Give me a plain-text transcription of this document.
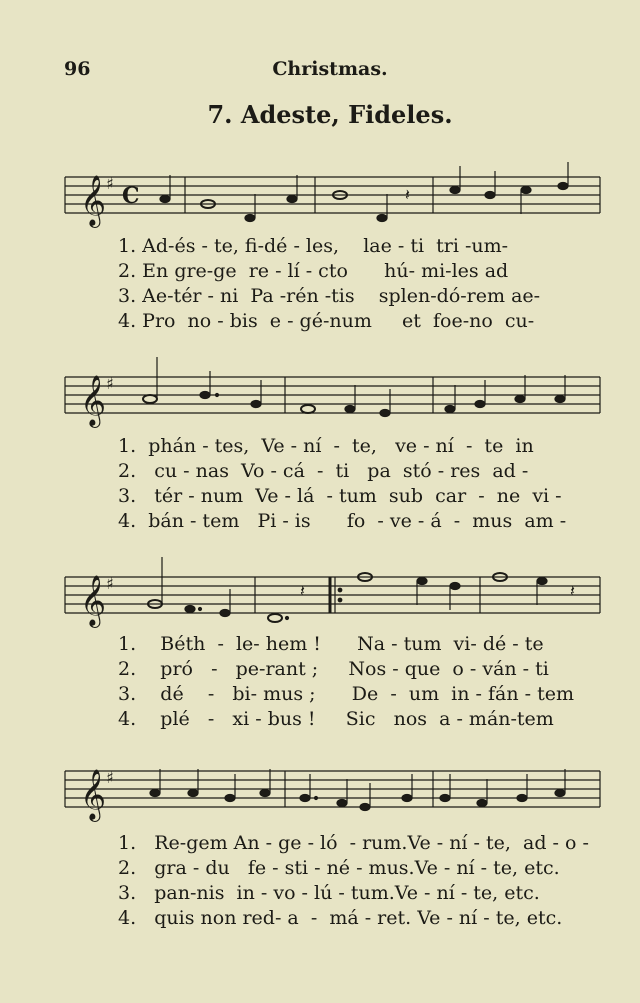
96	Christmas.
7. Adeste, Fideles.
𝄞 ♯ C	𝄽
1. Ad-és - te, fi-dé - les,    lae - ti  tri -um-
2. En gre-ge  re - lí - cto      hú- mi-les ad
3. Ae-tér - ni  Pa -rén -tis    splen-dó-rem ae-
4. Pro  no - bis  e - gé-num     et  foe-no  cu-
𝄞 ♯
1.  phán - tes,  Ve - ní  -  te,   ve - ní  -  te  in
2.   cu - nas  Vo - cá  -  ti   pa  stó - res  ad -
3.   tér - num  Ve - lá  - tum  sub  car  -  ne  vi -
4.  bán - tem   Pi - is      fo  - ve - á  -  mus  am -
𝄞 ♯	𝄽	𝄽
1.    Béth  -  le- hem !      Na - tum  vi- dé - te
2.    pró   -   pe-rant ;     Nos - que  o - ván - ti
3.    dé    -   bi- mus ;      De  -  um  in - fán - tem
4.    plé   -   xi - bus !     Sic   nos  a - mán-tem
𝄞 ♯
1.   Re-gem An - ge - ló  - rum.Ve - ní - te,  ad - o -
2.   gra - du   fe - sti - né - mus.Ve - ní - te, etc.
3.   pan-nis  in - vo - lú - tum.Ve - ní - te, etc.
4.   quis non red- a  -  má - ret. Ve - ní - te, etc.
